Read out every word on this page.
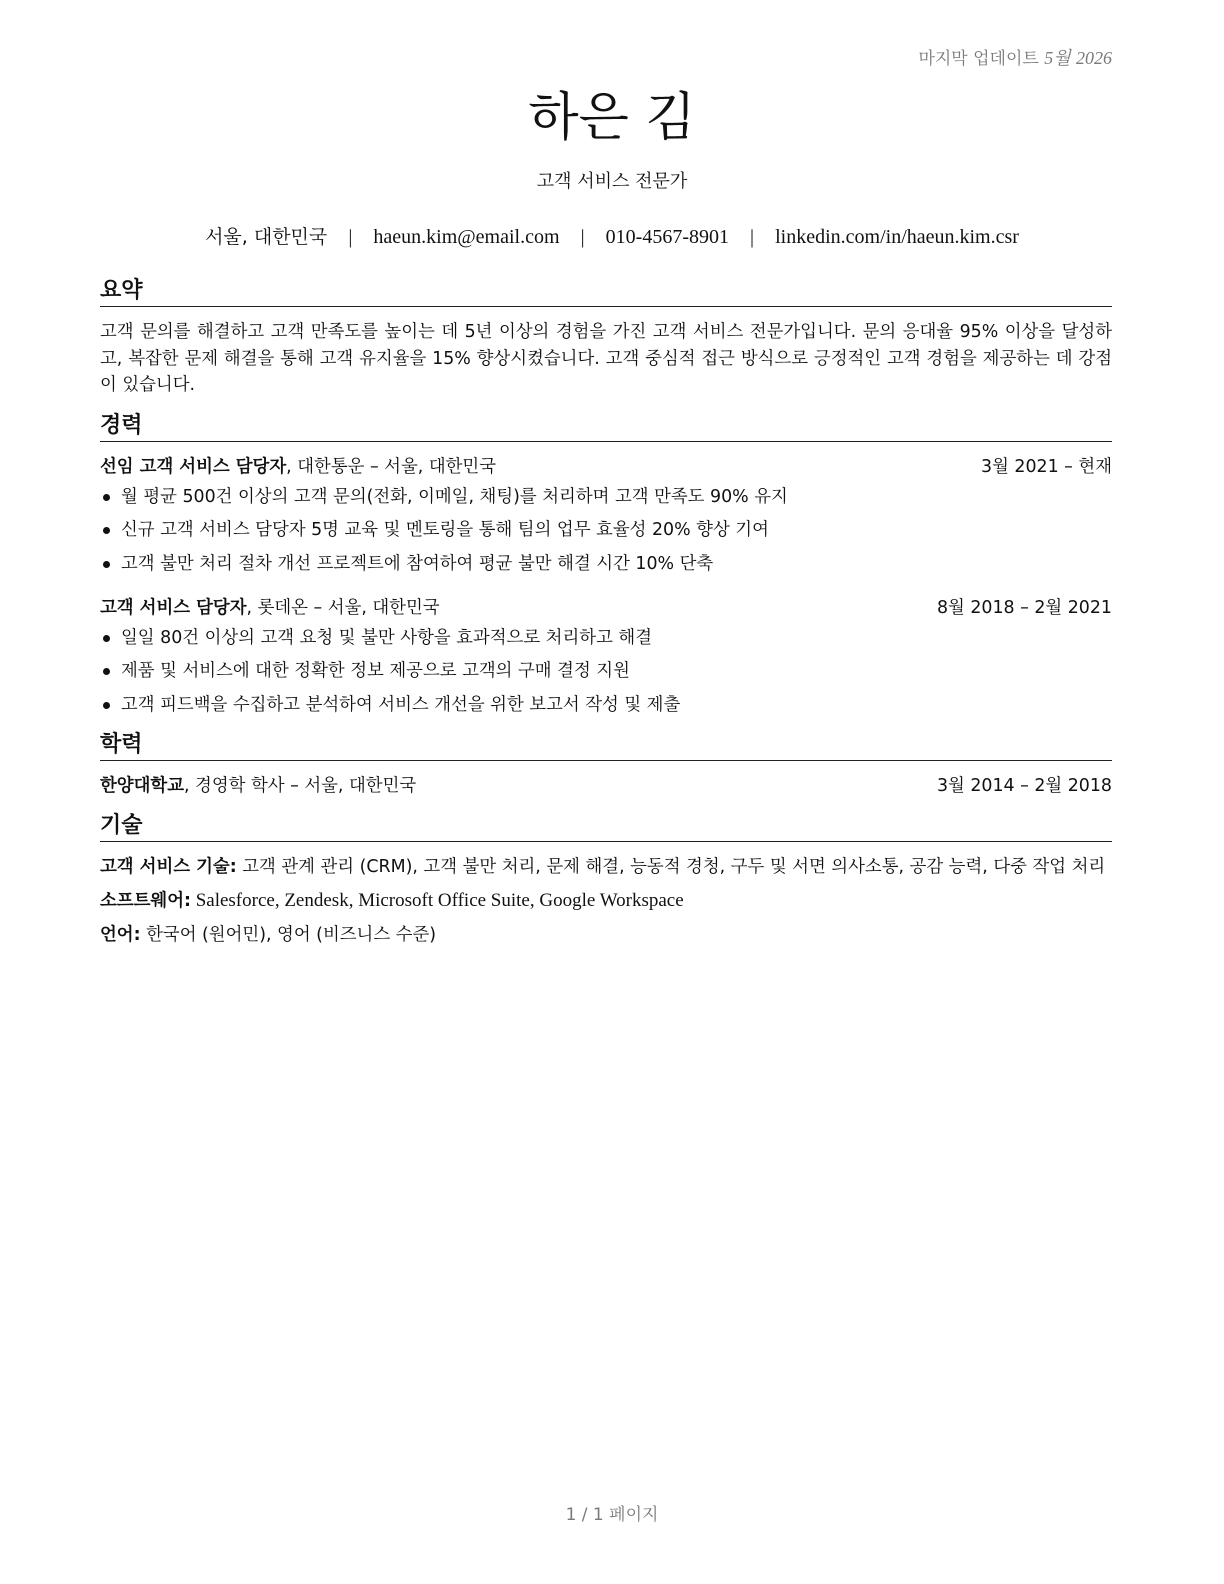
마지막 업데이트 5월 2026
하은 김
고객 서비스 전문가
서울, 대한민국 | haeun.kim@email.com | 010-4567-8901 | linkedin.com/in/haeun.kim.csr
요약

고객 문의를 해결하고 고객 만족도를 높이는 데 5년 이상의 경험을 가진 고객 서비스 전문가입니다. 문의 응대율 95% 이상을 달성하고, 복잡한 문제 해결을 통해 고객 유지율을 15% 향상시켰습니다. 고객 중심적 접근 방식으로 긍정적인 고객 경험을 제공하는 데 강점이 있습니다.

경력
선임 고객 서비스 담당자, 대한통운 – 서울, 대한민국	3월 2021 – 현재
월 평균 500건 이상의 고객 문의(전화, 이메일, 채팅)를 처리하며 고객 만족도 90% 유지
신규 고객 서비스 담당자 5명 교육 및 멘토링을 통해 팀의 업무 효율성 20% 향상 기여
고객 불만 처리 절차 개선 프로젝트에 참여하여 평균 불만 해결 시간 10% 단축
고객 서비스 담당자, 롯데온 – 서울, 대한민국	8월 2018 – 2월 2021
일일 80건 이상의 고객 요청 및 불만 사항을 효과적으로 처리하고 해결
제품 및 서비스에 대한 정확한 정보 제공으로 고객의 구매 결정 지원
고객 피드백을 수집하고 분석하여 서비스 개선을 위한 보고서 작성 및 제출
학력
한양대학교, 경영학 학사 – 서울, 대한민국	3월 2014 – 2월 2018
기술
고객 서비스 기술: 고객 관계 관리 (CRM), 고객 불만 처리, 문제 해결, 능동적 경청, 구두 및 서면 의사소통, 공감 능력, 다중 작업 처리
소프트웨어: Salesforce, Zendesk, Microsoft Office Suite, Google Workspace
언어: 한국어 (원어민), 영어 (비즈니스 수준)
1 / 1 페이지
